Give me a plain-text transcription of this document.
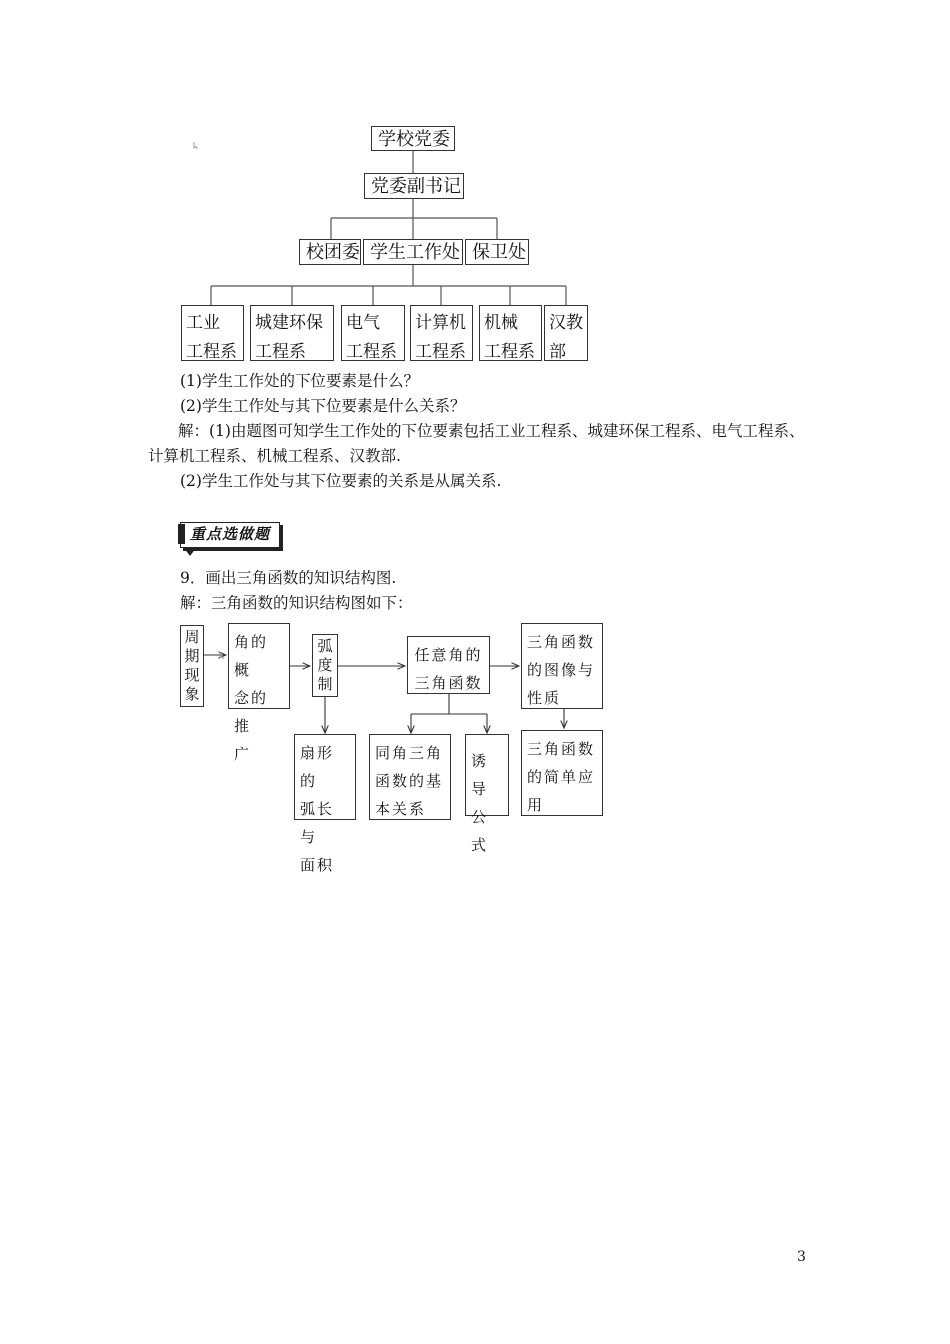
学校党委
党委副书记
校团委 学生工作处 保卫处
工业
工程系
城建环保
工程系
电气
工程系
计算机
工程系
机械
工程系
汉教
部
(1)学生工作处的下位要素是什么？
(2)学生工作处与其下位要素是什么关系？
解：(1)由题图可知学生工作处的下位要素包括工业工程系、城建环保工程系、电气工程系、计算机工程系、机械工程系、汉教部.
(2)学生工作处与其下位要素的关系是从属关系.
重点选做题
9．画出三角函数的知识结构图.
解：三角函数的知识结构图如下：
周
期
现
象
角的概
念的推
广
弧
度
制
任意角的
三角函数
三角函数
的图像与
性质
扇形的
弧长与
面积
同角三角
函数的基
本关系
诱导
公式
三角函数
的简单应
用
3
